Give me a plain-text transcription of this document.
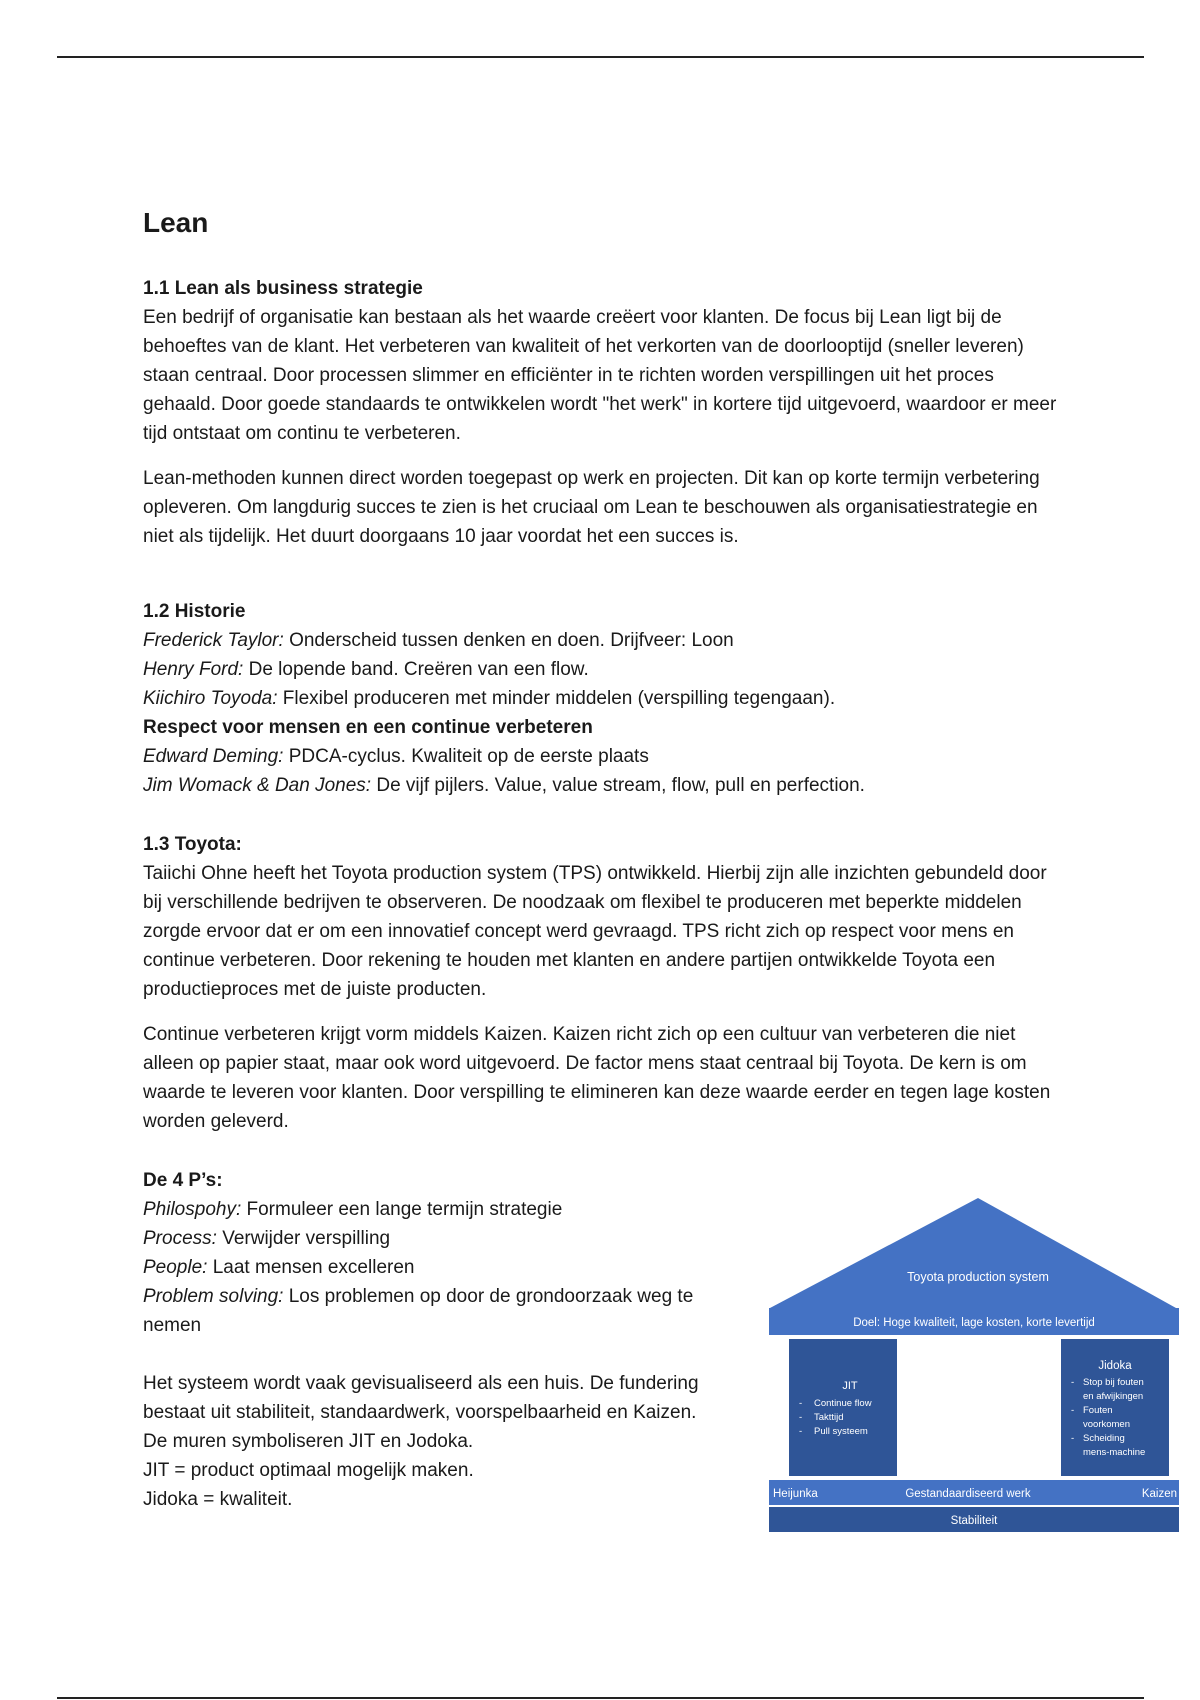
Lean
1.1 Lean als business strategie

Een bedrijf of organisatie kan bestaan als het waarde creëert voor klanten. De focus bij Lean ligt bij de behoeftes van de klant. Het verbeteren van kwaliteit of het verkorten van de doorlooptijd (sneller leveren) staan centraal. Door processen slimmer en efficiënter in te richten worden verspillingen uit het proces gehaald. Door goede standaards te ontwikkelen wordt "het werk" in kortere tijd uitgevoerd, waardoor er meer tijd ontstaat om continu te verbeteren.

Lean-methoden kunnen direct worden toegepast op werk en projecten. Dit kan op korte termijn verbetering opleveren. Om langdurig succes te zien is het cruciaal om Lean te beschouwen als organisatiestrategie en niet als tijdelijk. Het duurt doorgaans 10 jaar voordat het een succes is.

1.2 Historie
Frederick Taylor: Onderscheid tussen denken en doen. Drijfveer: Loon
Henry Ford: De lopende band. Creëren van een flow.
Kiichiro Toyoda: Flexibel produceren met minder middelen (verspilling tegengaan).
Respect voor mensen en een continue verbeteren
Edward Deming: PDCA-cyclus. Kwaliteit op de eerste plaats
Jim Womack & Dan Jones: De vijf pijlers. Value, value stream, flow, pull en perfection.
1.3 Toyota:

Taiichi Ohne heeft het Toyota production system (TPS) ontwikkeld. Hierbij zijn alle inzichten gebundeld door bij verschillende bedrijven te observeren. De noodzaak om flexibel te produceren met beperkte middelen zorgde ervoor dat er om een innovatief concept werd gevraagd. TPS richt zich op respect voor mens en continue verbeteren. Door rekening te houden met klanten en andere partijen ontwikkelde Toyota een productieproces met de juiste producten.

Continue verbeteren krijgt vorm middels Kaizen. Kaizen richt zich op een cultuur van verbeteren die niet alleen op papier staat, maar ook word uitgevoerd. De factor mens staat centraal bij Toyota. De kern is om waarde te leveren voor klanten. Door verspilling te elimineren kan deze waarde eerder en tegen lage kosten worden geleverd.

De 4 P’s:
Philospohy: Formuleer een lange termijn strategie
Process: Verwijder verspilling
People: Laat mensen excelleren
Problem solving: Los problemen op door de grondoorzaak weg te nemen

Het systeem wordt vaak gevisualiseerd als een huis. De fundering bestaat uit stabiliteit, standaardwerk, voorspelbaarheid en Kaizen.

De muren symboliseren JIT en Jodoka.
JIT = product optimaal mogelijk maken.
Jidoka = kwaliteit.
Toyota production system
Doel: Hoge kwaliteit, lage kosten, korte levertijd
JIT
Continue flow
Takttijd
Pull systeem
-
-
-
Jidoka
Stop bij fouten
en afwijkingen
Fouten
voorkomen
Scheiding
mens-machine
-
-
-
Heijunka	Gestandaardiseerd werk	Kaizen
Stabiliteit
